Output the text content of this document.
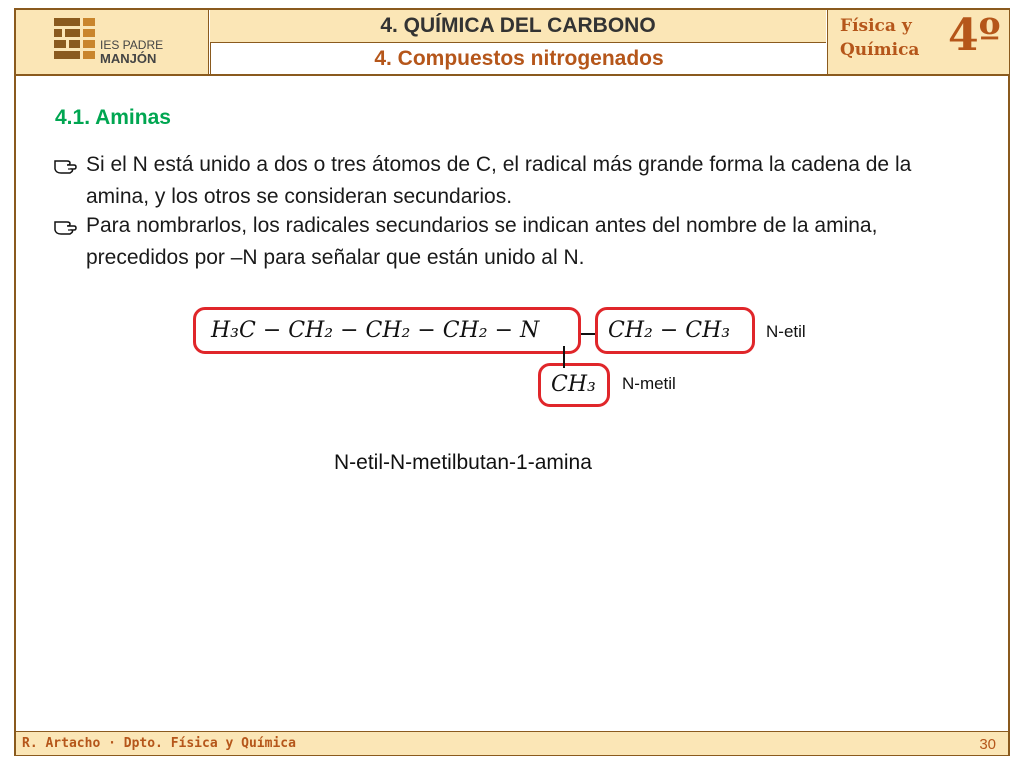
IES PADRE
MANJÓN
4. QUÍMICA DEL CARBONO
4. Compuestos nitrogenados
Física y
Química 4º
4.1. Aminas
Si el N está unido a dos o tres átomos de C, el radical más grande forma la cadena de la amina, y los otros se consideran secundarios.
Para nombrarlos, los radicales secundarios se indican antes del nombre de la amina, precedidos por –N para señalar que están unido al N.
H₃C − CH₂ − CH₂ − CH₂ − N	CH₂ − CH₃
CH₃
N-etil
N-metil
N-etil-N-metilbutan-1-amina
R. Artacho · Dpto. Física y Química	30
